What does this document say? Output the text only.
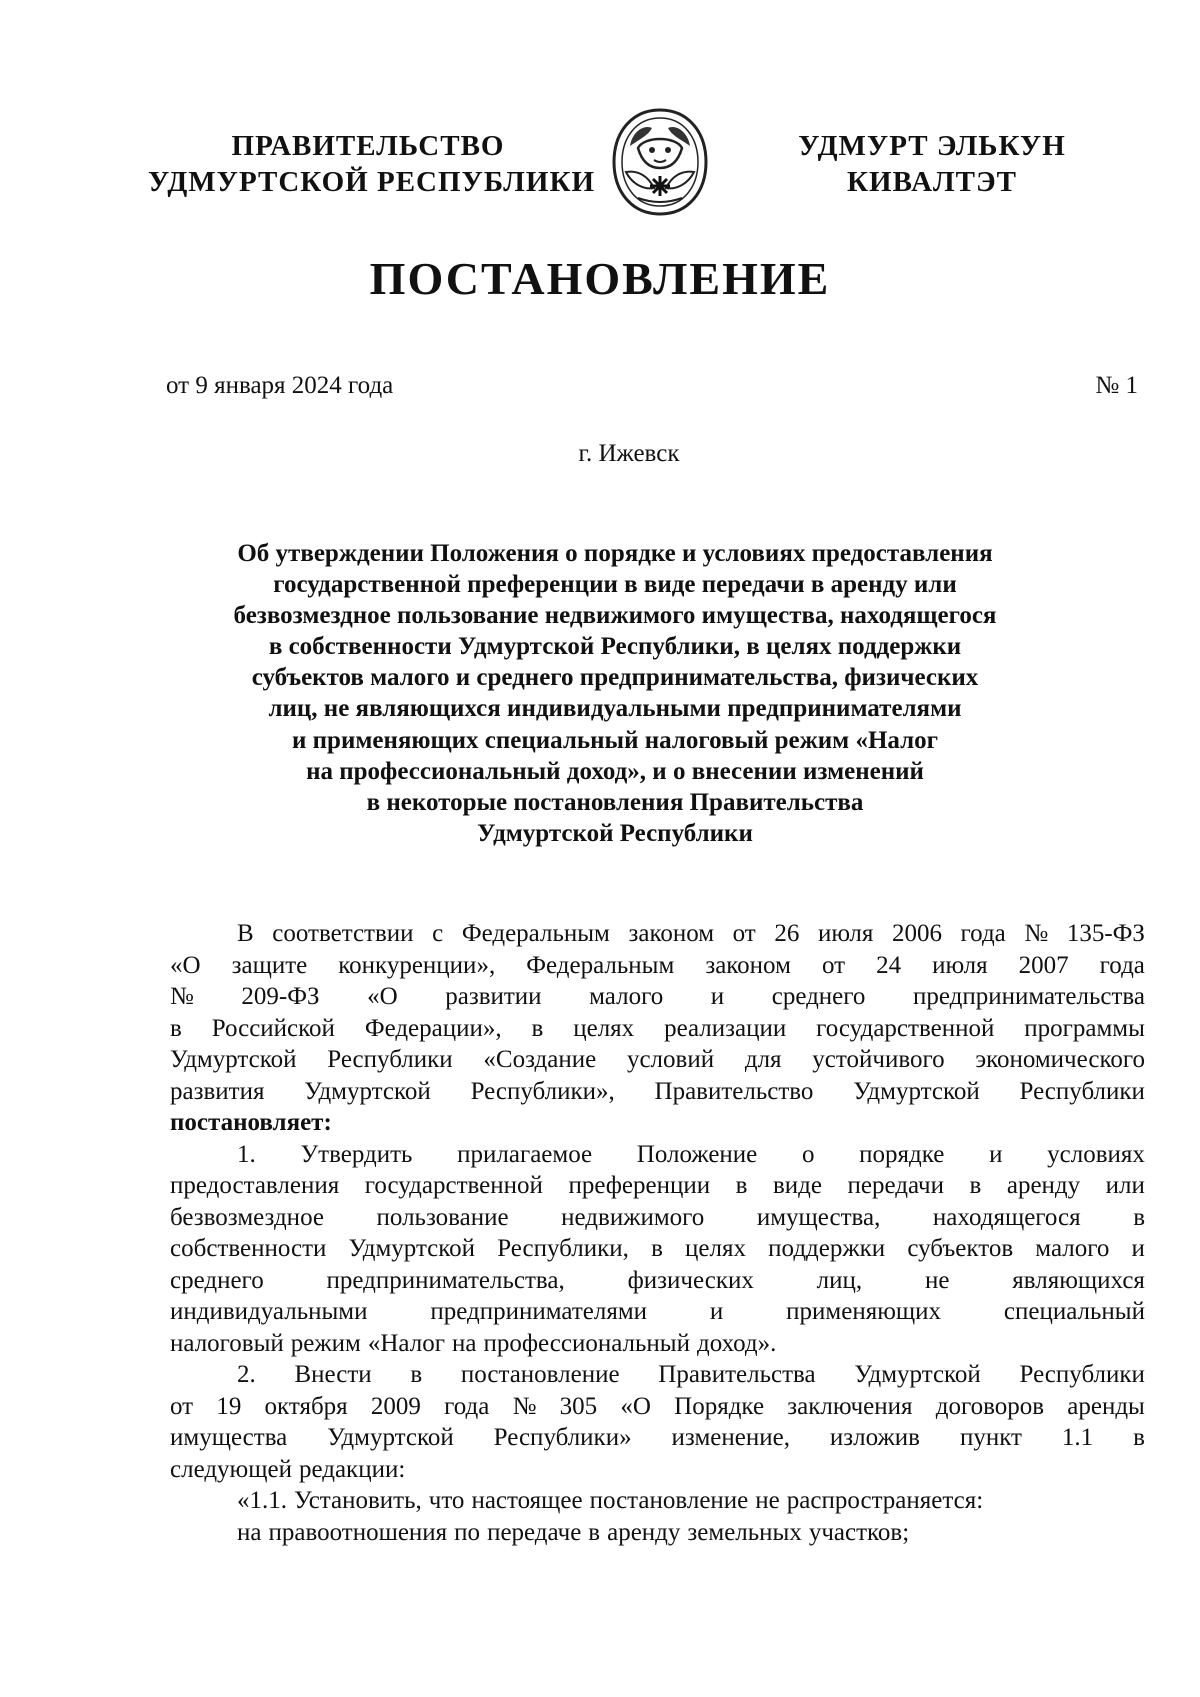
ПРАВИТЕЛЬСТВО
УДМУРТСКОЙ РЕСПУБЛИКИ
УДМУРТ ЭЛЬКУН
КИВАЛТЭТ
ПОСТАНОВЛЕНИЕ
от 9 января 2024 года	№ 1
г. Ижевск
Об утверждении Положения о порядке и условиях предоставления
государственной преференции в виде передачи в аренду или
безвозмездное пользование недвижимого имущества, находящегося
в собственности Удмуртской Республики, в целях поддержки
субъектов малого и среднего предпринимательства, физических
лиц, не являющихся индивидуальными предпринимателями
и применяющих специальный налоговый режим «Налог
на профессиональный доход», и о внесении изменений
в некоторые постановления Правительства
Удмуртской Республики
В соответствии с Федеральным законом от 26 июля 2006 года № 135-ФЗ
«О защите конкуренции», Федеральным законом от 24 июля 2007 года
№ 209-ФЗ «О развитии малого и среднего предпринимательства
в Российской Федерации», в целях реализации государственной программы
Удмуртской Республики «Создание условий для устойчивого экономического
развития Удмуртской Республики», Правительство Удмуртской Республики
постановляет:
1. Утвердить прилагаемое Положение о порядке и условиях
предоставления государственной преференции в виде передачи в аренду или
безвозмездное пользование недвижимого имущества, находящегося в
собственности Удмуртской Республики, в целях поддержки субъектов малого и
среднего	предпринимательства,	физических	лиц,	не	являющихся
индивидуальными	предпринимателями	и	применяющих	специальный
налоговый режим «Налог на профессиональный доход».
2. Внести в постановление Правительства Удмуртской Республики
от 19 октября 2009 года № 305 «О Порядке заключения договоров аренды
имущества Удмуртской Республики» изменение, изложив пункт 1.1 в
следующей редакции:
«1.1. Установить, что настоящее постановление не распространяется:
на правоотношения по передаче в аренду земельных участков;
